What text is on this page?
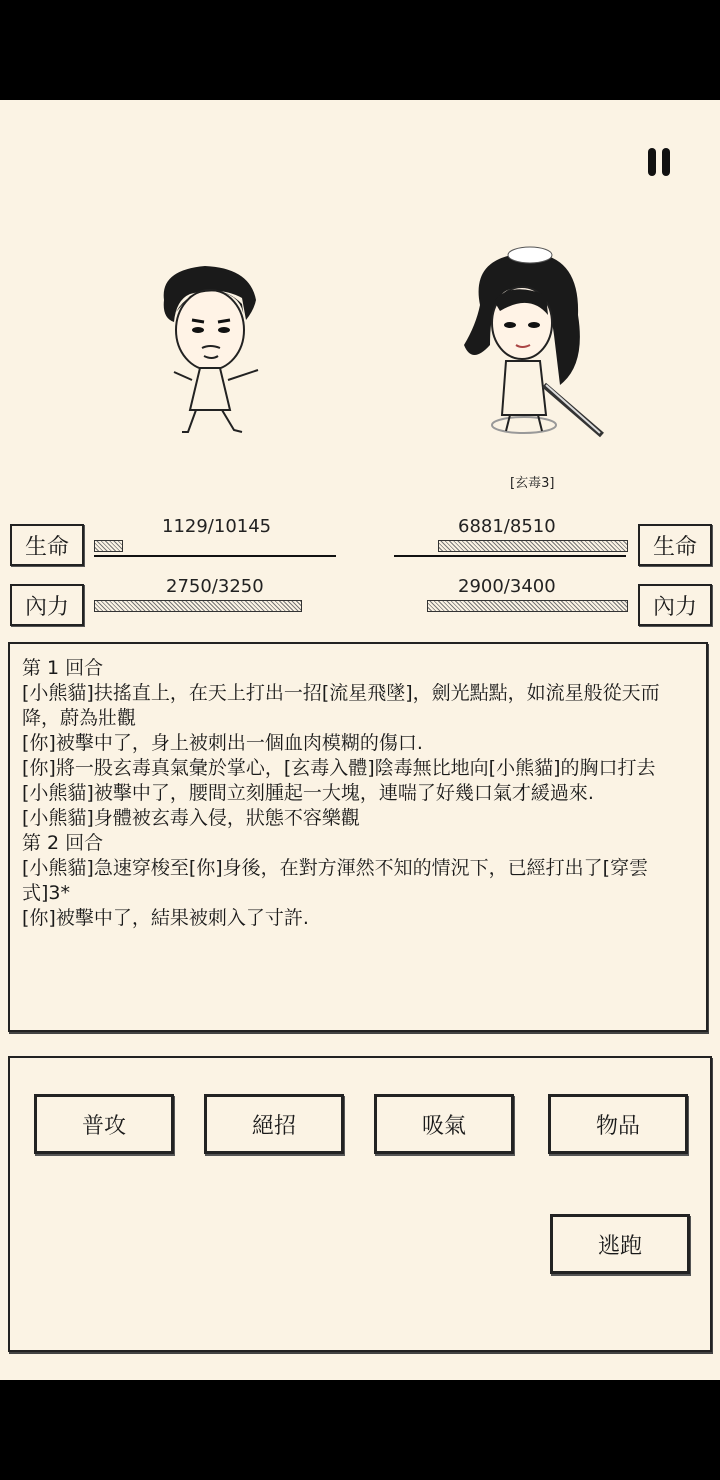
[玄毒3]
生命
1129/10145
內力
2750/3250
生命
6881/8510
內力
2900/3400

第 1 回合

[小熊貓]扶搖直上，在天上打出一招[流星飛墜]，劍光點點，如流星般從天而降，蔚為壯觀

[你]被擊中了，身上被刺出一個血肉模糊的傷口.

[你]將一股玄毒真氣彙於掌心，[玄毒入體]陰毒無比地向[小熊貓]的胸口打去

[小熊貓]被擊中了，腰間立刻腫起一大塊，連喘了好幾口氣才緩過來.

[小熊貓]身體被玄毒入侵，狀態不容樂觀

第 2 回合

[小熊貓]急速穿梭至[你]身後，在對方渾然不知的情況下，已經打出了[穿雲式]3*

[你]被擊中了，結果被刺入了寸許.

普攻	絕招	吸氣	物品
逃跑
